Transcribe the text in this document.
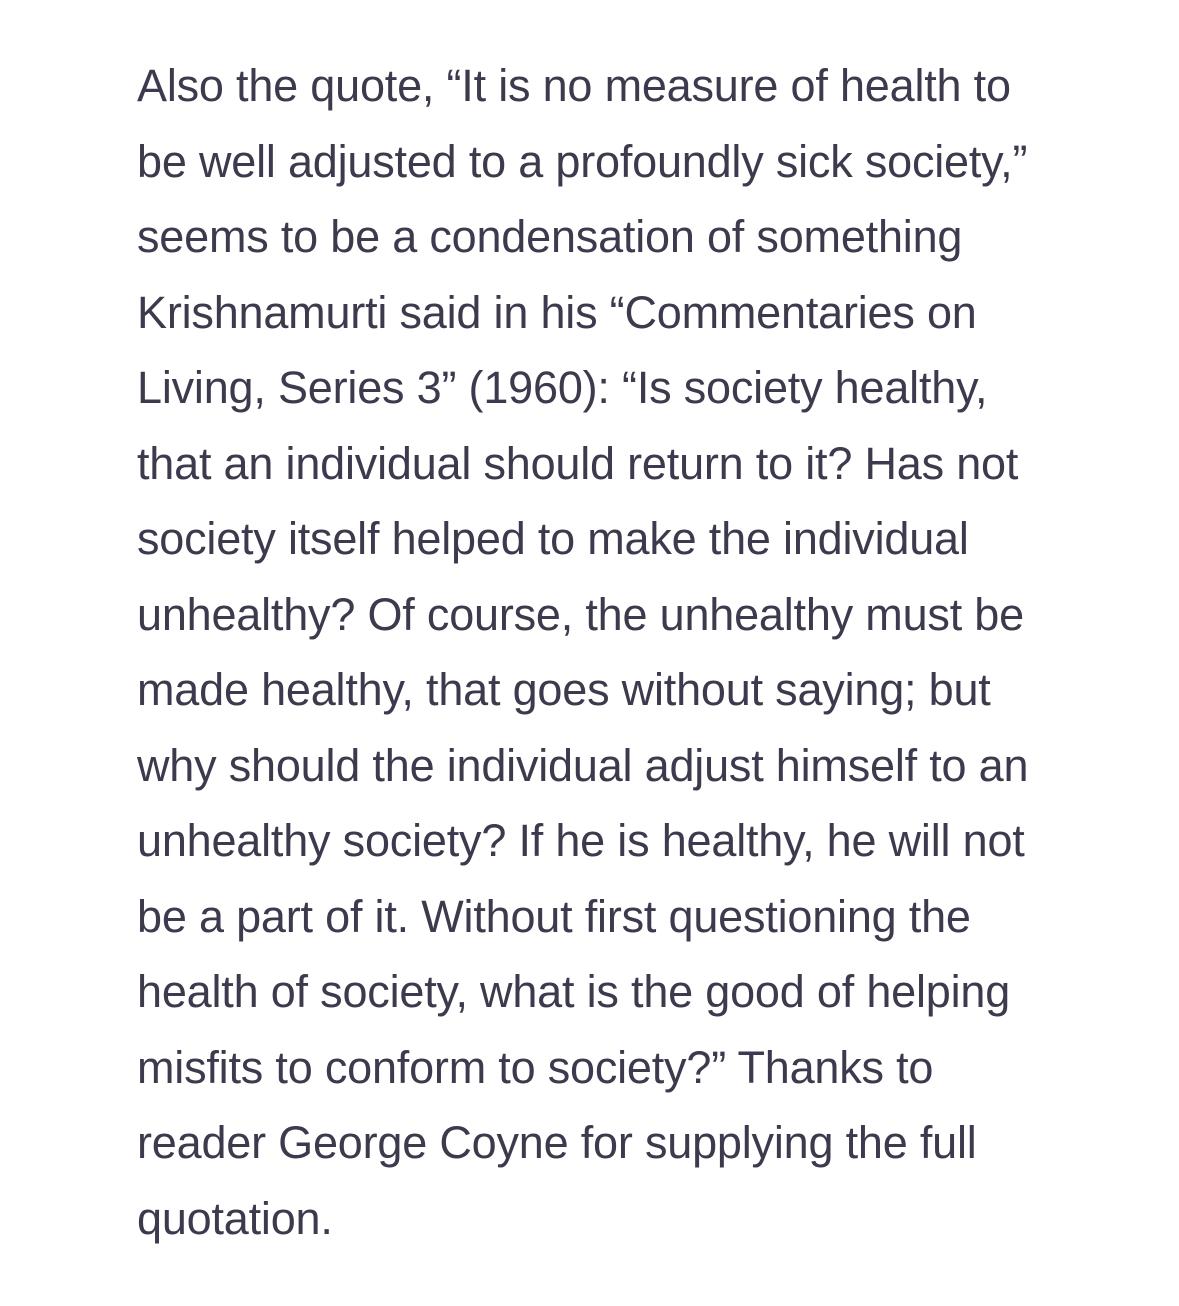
Also the quote, “It is no measure of health to

be well adjusted to a profoundly sick society,”

seems to be a condensation of something

Krishnamurti said in his “Commentaries on

Living, Series 3” (1960): “Is society healthy,

that an individual should return to it? Has not

society itself helped to make the individual

unhealthy? Of course, the unhealthy must be

made healthy, that goes without saying; but

why should the individual adjust himself to an

unhealthy society? If he is healthy, he will not

be a part of it. Without first questioning the

health of society, what is the good of helping

misfits to conform to society?” Thanks to

reader George Coyne for supplying the full

quotation.
